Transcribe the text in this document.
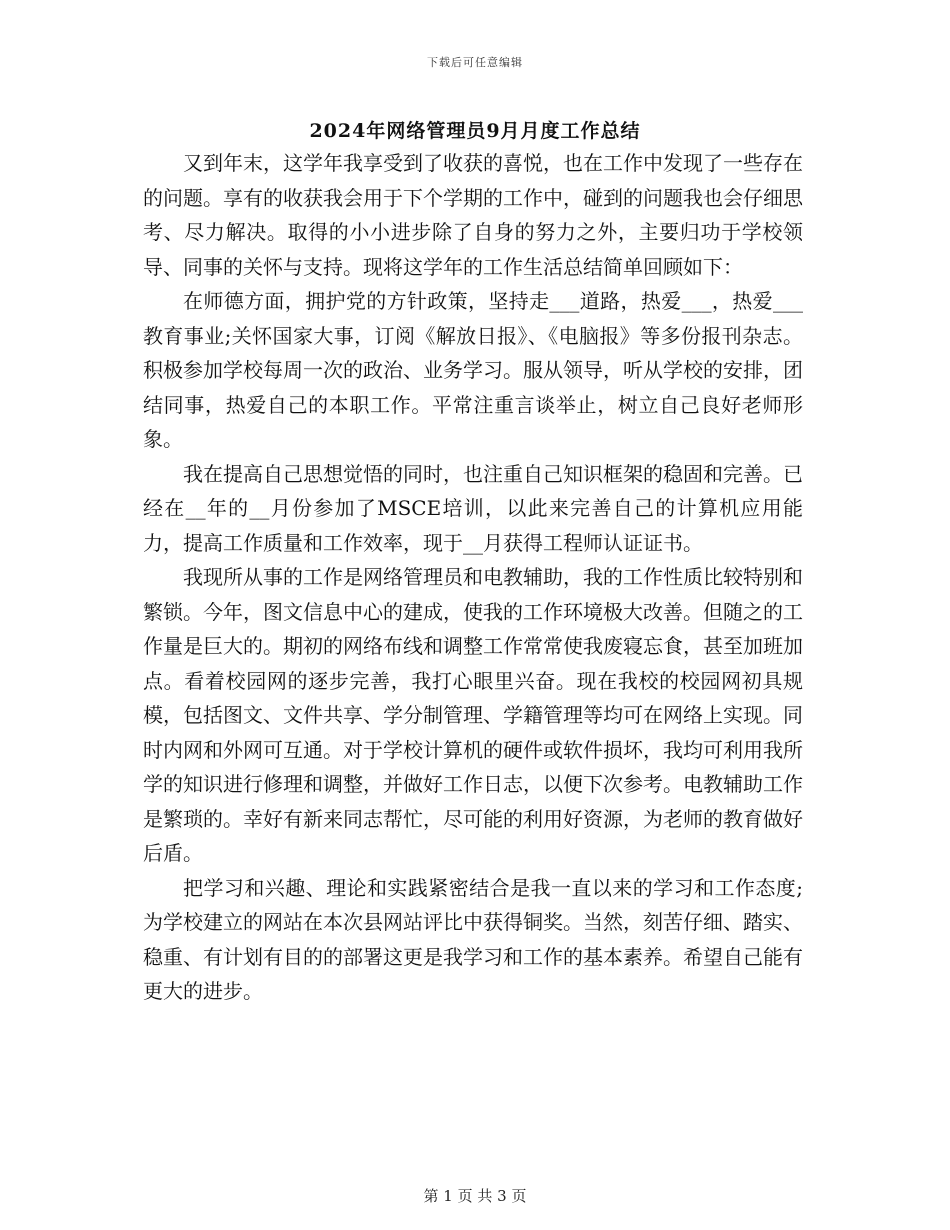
下载后可任意编辑
2024年网络管理员9月月度工作总结

又到年末，这学年我享受到了收获的喜悦，也在工作中发现了一些存在的问题。享有的收获我会用于下个学期的工作中，碰到的问题我也会仔细思考、尽力解决。取得的小小进步除了自身的努力之外，主要归功于学校领导、同事的关怀与支持。现将这学年的工作生活总结简单回顾如下：

在师德方面，拥护党的方针政策，坚持走___道路，热爱___，热爱___教育事业;关怀国家大事，订阅《解放日报》、《电脑报》等多份报刊杂志。积极参加学校每周一次的政治、业务学习。服从领导，听从学校的安排，团结同事，热爱自己的本职工作。平常注重言谈举止，树立自己良好老师形象。

我在提高自己思想觉悟的同时，也注重自己知识框架的稳固和完善。已经在__年的__月份参加了MSCE培训，以此来完善自己的计算机应用能力，提高工作质量和工作效率，现于__月获得工程师认证证书。

我现所从事的工作是网络管理员和电教辅助，我的工作性质比较特别和繁锁。今年，图文信息中心的建成，使我的工作环境极大改善。但随之的工作量是巨大的。期初的网络布线和调整工作常常使我废寝忘食，甚至加班加点。看着校园网的逐步完善，我打心眼里兴奋。现在我校的校园网初具规模，包括图文、文件共享、学分制管理、学籍管理等均可在网络上实现。同时内网和外网可互通。对于学校计算机的硬件或软件损坏，我均可利用我所学的知识进行修理和调整，并做好工作日志，以便下次参考。电教辅助工作是繁琐的。幸好有新来同志帮忙，尽可能的利用好资源，为老师的教育做好后盾。

把学习和兴趣、理论和实践紧密结合是我一直以来的学习和工作态度;为学校建立的网站在本次县网站评比中获得铜奖。当然，刻苦仔细、踏实、稳重、有计划有目的的部署这更是我学习和工作的基本素养。希望自己能有更大的进步。

第 1 页 共 3 页
